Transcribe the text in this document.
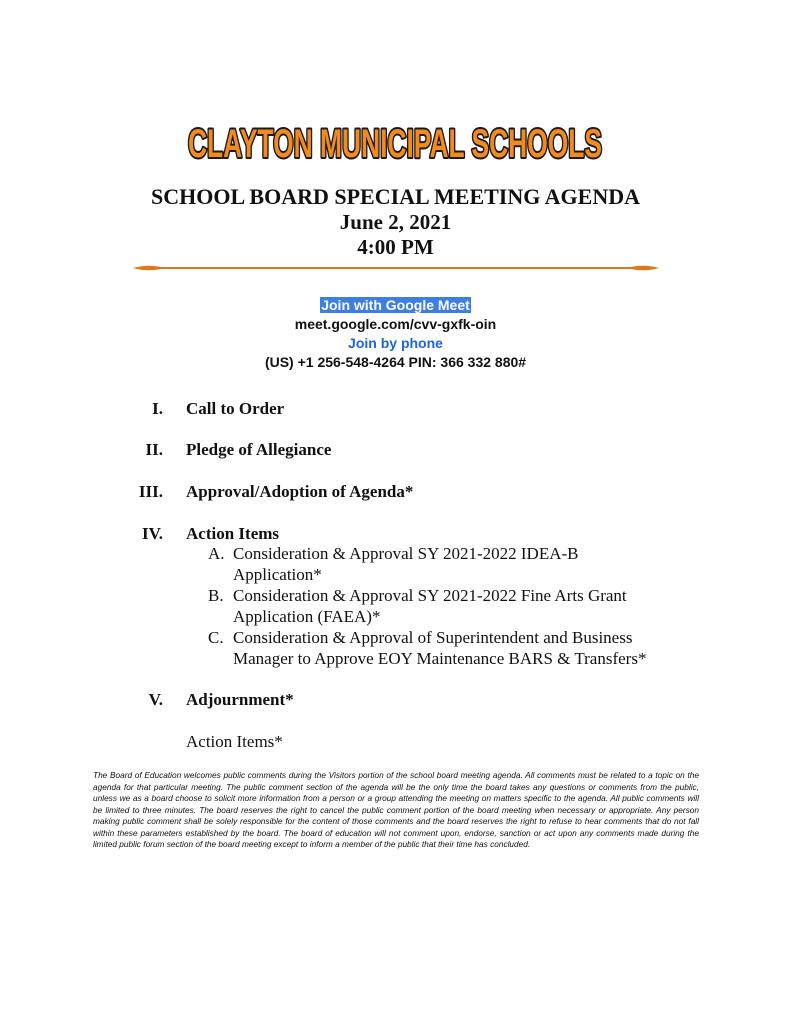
CLAYTON MUNICIPAL SCHOOLS
CLAYTON MUNICIPAL SCHOOLS
SCHOOL BOARD SPECIAL MEETING AGENDA
June 2, 2021
4:00 PM
Join with Google Meet
meet.google.com/cvv-gxfk-oin
Join by phone
(US) +1 256-548-4264 PIN: 366 332 880#
I. Call to Order
II. Pledge of Allegiance
III. Approval/Adoption of Agenda*
IV. Action Items
A. Consideration & Approval SY 2021-2022 IDEA-B
Application*
B. Consideration & Approval SY 2021-2022 Fine Arts Grant
Application (FAEA)*
C. Consideration & Approval of Superintendent and Business
Manager to Approve EOY Maintenance BARS & Transfers*
V. Adjournment*
Action Items*
The Board of Education welcomes public comments during the Visitors portion of the school board meeting agenda. All comments must be related to a topic on the agenda for that particular meeting. The public comment section of the agenda will be the only time the board takes any questions or comments from the public, unless we as a board choose to solicit more information from a person or a group attending the meeting on matters specific to the agenda. All public comments will be limited to three minutes. The board reserves the right to cancel the public comment portion of the board meeting when necessary or appropriate. Any person making public comment shall be solely responsible for the content of those comments and the board reserves the right to refuse to hear comments that do not fall within these parameters established by the board. The board of education will not comment upon, endorse, sanction or act upon any comments made during the limited public forum section of the board meeting except to inform a member of the public that their time has concluded.
